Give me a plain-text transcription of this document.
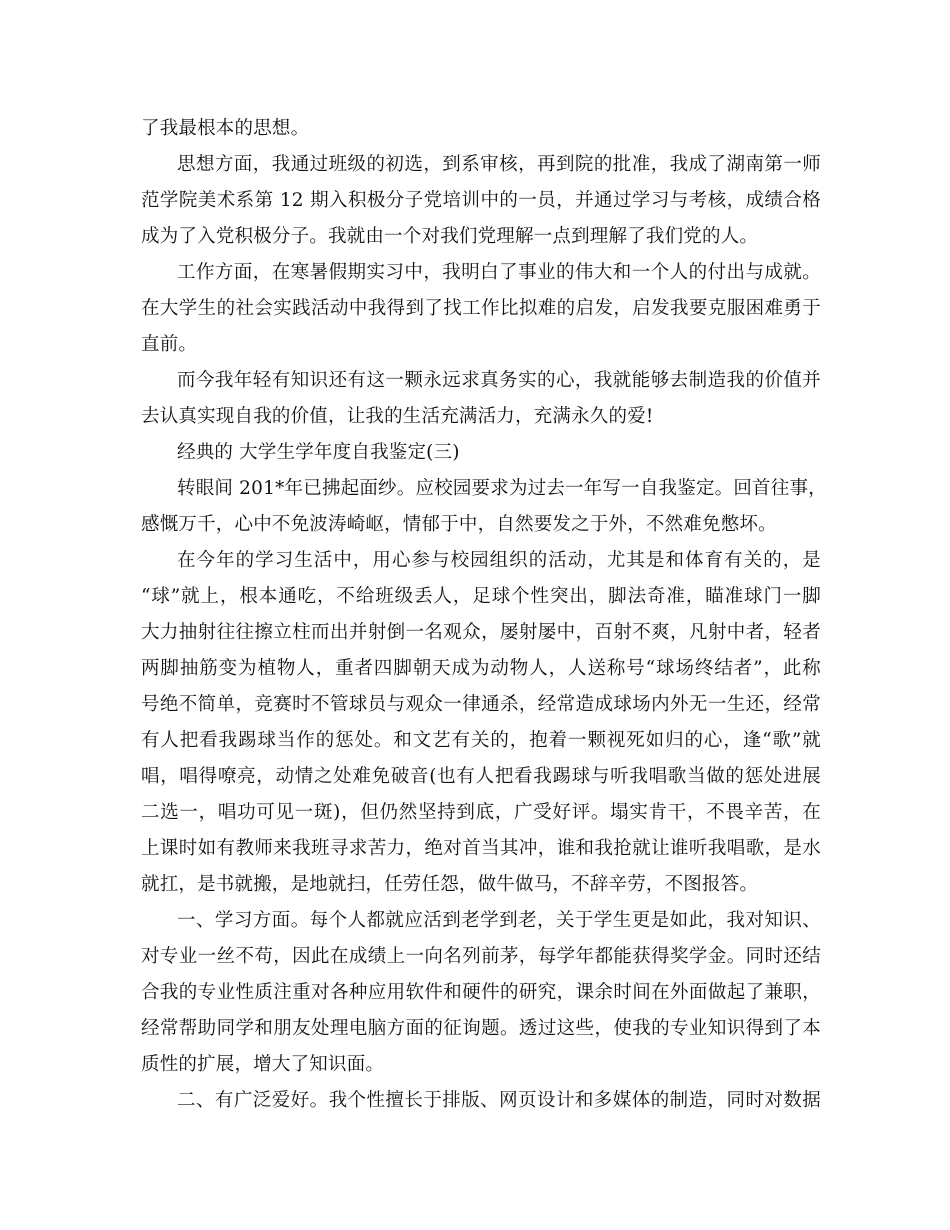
了我最根本的思想。
思想方面，我通过班级的初选，到系审核，再到院的批准，我成了湖南第一师
范学院美术系第 12 期入积极分子党培训中的一员，并通过学习与考核，成绩合格
成为了入党积极分子。我就由一个对我们党理解一点到理解了我们党的人。
工作方面，在寒暑假期实习中，我明白了事业的伟大和一个人的付出与成就。
在大学生的社会实践活动中我得到了找工作比拟难的启发，启发我要克服困难勇于
直前。
而今我年轻有知识还有这一颗永远求真务实的心，我就能够去制造我的价值并
去认真实现自我的价值，让我的生活充满活力，充满永久的爱!
经典的 大学生学年度自我鉴定(三)
转眼间 201*年已拂起面纱。应校园要求为过去一年写一自我鉴定。回首往事，
感慨万千，心中不免波涛崎岖，情郁于中，自然要发之于外，不然难免憋坏。
在今年的学习生活中，用心参与校园组织的活动，尤其是和体育有关的，是
“球”就上，根本通吃，不给班级丢人，足球个性突出，脚法奇准，瞄准球门一脚
大力抽射往往擦立柱而出并射倒一名观众，屡射屡中，百射不爽，凡射中者，轻者
两脚抽筋变为植物人，重者四脚朝天成为动物人，人送称号“球场终结者”，此称
号绝不简单，竞赛时不管球员与观众一律通杀，经常造成球场内外无一生还，经常
有人把看我踢球当作的惩处。和文艺有关的，抱着一颗视死如归的心，逢“歌”就
唱，唱得嘹亮，动情之处难免破音(也有人把看我踢球与听我唱歌当做的惩处进展
二选一，唱功可见一斑)，但仍然坚持到底，广受好评。塌实肯干，不畏辛苦，在
上课时如有教师来我班寻求苦力，绝对首当其冲，谁和我抢就让谁听我唱歌，是水
就扛，是书就搬，是地就扫，任劳任怨，做牛做马，不辞辛劳，不图报答。
一、学习方面。每个人都就应活到老学到老，关于学生更是如此，我对知识、
对专业一丝不苟，因此在成绩上一向名列前茅，每学年都能获得奖学金。同时还结
合我的专业性质注重对各种应用软件和硬件的研究，课余时间在外面做起了兼职，
经常帮助同学和朋友处理电脑方面的征询题。透过这些，使我的专业知识得到了本
质性的扩展，增大了知识面。
二、有广泛爱好。我个性擅长于排版、网页设计和多媒体的制造，同时对数据
